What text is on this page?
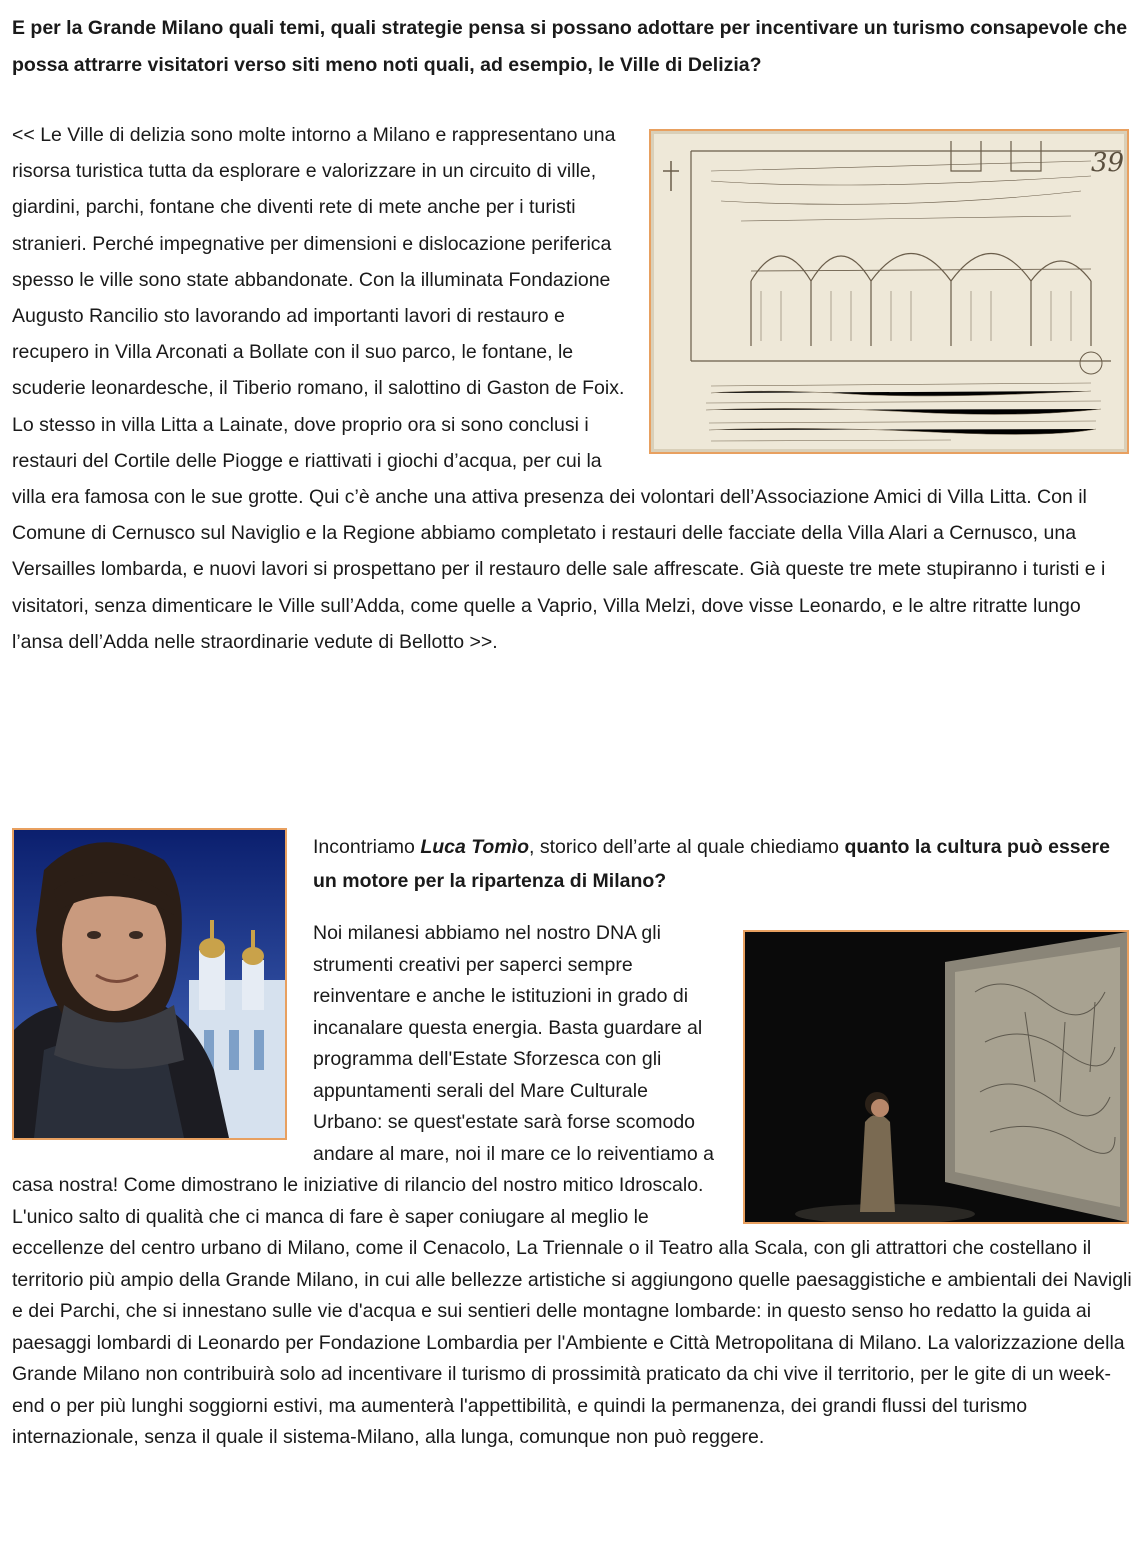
E per la Grande Milano quali temi, quali strategie pensa si possano adottare per incentivare un turismo consapevole che possa attrarre visitatori verso siti meno noti quali, ad esempio, le Ville di Delizia?

39

<< Le Ville di delizia sono molte intorno a Milano e rappresentano una risorsa turistica tutta da esplorare e valorizzare in un circuito di ville, giardini, parchi, fontane che diventi rete di mete anche per i turisti stranieri. Perché impegnative per dimensioni e dislocazione periferica spesso le ville sono state abbandonate. Con la illuminata Fondazione Augusto Rancilio sto lavorando ad importanti lavori di restauro e recupero in Villa Arconati a Bollate con il suo parco, le fontane, le scuderie leonardesche, il Tiberio romano, il salottino di Gaston de Foix. Lo stesso in villa Litta a Lainate, dove proprio ora si sono conclusi i restauri del Cortile delle Piogge e riattivati i giochi d’acqua, per cui la villa era famosa con le sue grotte. Qui c’è anche una attiva presenza dei volontari dell’Associazione Amici di Villa Litta. Con il Comune di Cernusco sul Naviglio e la Regione abbiamo completato i restauri delle facciate della Villa Alari a Cernusco, una Versailles lombarda, e nuovi lavori si prospettano per il restauro delle sale affrescate. Già queste tre mete stupiranno i turisti e i visitatori, senza dimenticare le Ville sull’Adda, come quelle a Vaprio, Villa Melzi, dove visse Leonardo, e le altre ritratte lungo l’ansa dell’Adda nelle straordinarie vedute di Bellotto >>.

Incontriamo Luca Tomìo, storico dell’arte al quale chiediamo quanto la cultura può essere un motore per la ripartenza di Milano?

Noi milanesi abbiamo nel nostro DNA gli strumenti creativi per saperci sempre reinventare e anche le istituzioni in grado di incanalare questa energia. Basta guardare al programma dell'Estate Sforzesca con gli appuntamenti serali del Mare Culturale Urbano: se quest'estate sarà forse scomodo andare al mare, noi il mare ce lo reiventiamo a casa nostra! Come dimostrano le iniziative di rilancio del nostro mitico Idroscalo. L'unico salto di qualità che ci manca di fare è saper coniugare al meglio le eccellenze del centro urbano di Milano, come il Cenacolo, La Triennale o il Teatro alla Scala, con gli attrattori che costellano il territorio più ampio della Grande Milano, in cui alle bellezze artistiche si aggiungono quelle paesaggistiche e ambientali dei Navigli e dei Parchi, che si innestano sulle vie d'acqua e sui sentieri delle montagne lombarde: in questo senso ho redatto la guida ai paesaggi lombardi di Leonardo per Fondazione Lombardia per l'Ambiente e Città Metropolitana di Milano. La valorizzazione della Grande Milano non contribuirà solo ad incentivare il turismo di prossimità praticato da chi vive il territorio, per le gite di un week-end o per più lunghi soggiorni estivi, ma aumenterà l'appettibilità, e quindi la permanenza, dei grandi flussi del turismo internazionale, senza il quale il sistema-Milano, alla lunga, comunque non può reggere.
